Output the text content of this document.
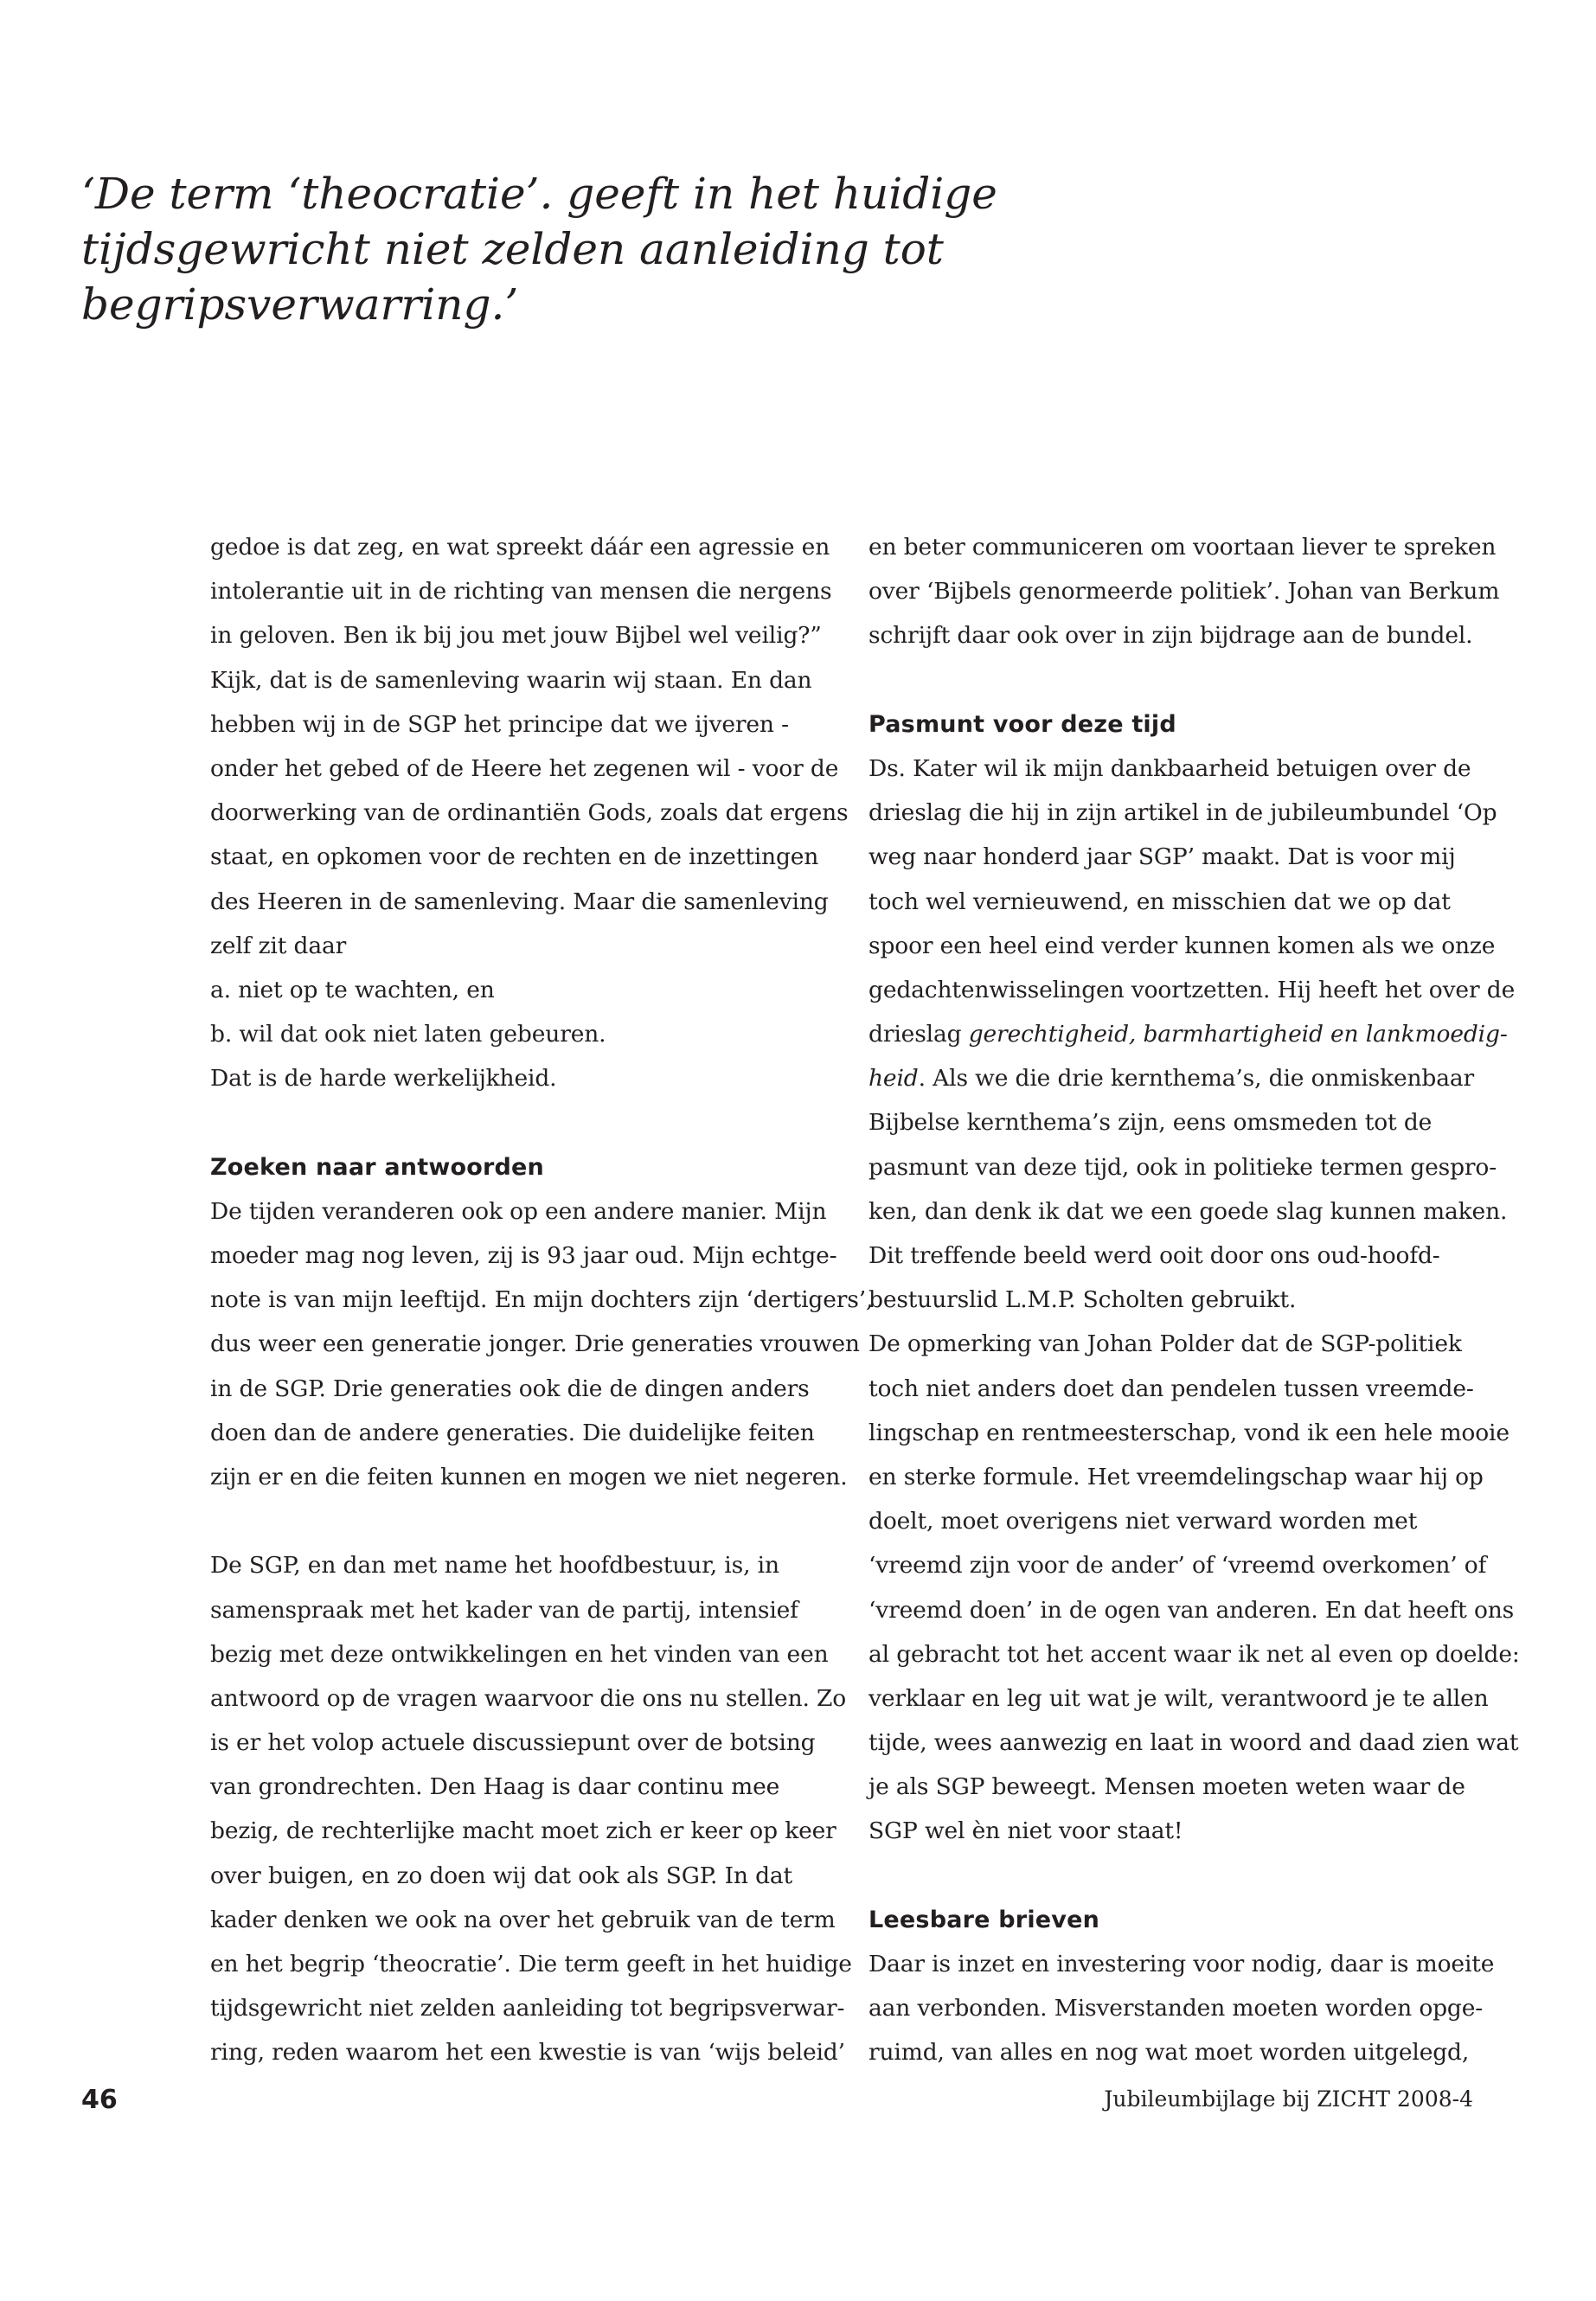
‘De term ‘theocratie’. geeft in het huidige
tijdsgewricht niet zelden aanleiding tot
begripsverwarring.’
gedoe is dat zeg, en wat spreekt dáár een agressie en
intolerantie uit in de richting van mensen die nergens
in geloven. Ben ik bij jou met jouw Bijbel wel veilig?”
Kijk, dat is de samenleving waarin wij staan. En dan
hebben wij in de SGP het principe dat we ijveren -
onder het gebed of de Heere het zegenen wil - voor de
doorwerking van de ordinantiën Gods, zoals dat ergens
staat, en opkomen voor de rechten en de inzettingen
des Heeren in de samenleving. Maar die samenleving
zelf zit daar
a. niet op te wachten, en
b. wil dat ook niet laten gebeuren.
Dat is de harde werkelijkheid.
Zoeken naar antwoorden
De tijden veranderen ook op een andere manier. Mijn
moeder mag nog leven, zij is 93 jaar oud. Mijn echtge-
note is van mijn leeftijd. En mijn dochters zijn ‘dertigers’,
dus weer een generatie jonger. Drie generaties vrouwen
in de SGP. Drie generaties ook die de dingen anders
doen dan de andere generaties. Die duidelijke feiten
zijn er en die feiten kunnen en mogen we niet negeren.
De SGP, en dan met name het hoofdbestuur, is, in
samenspraak met het kader van de partij, intensief
bezig met deze ontwikkelingen en het vinden van een
antwoord op de vragen waarvoor die ons nu stellen. Zo
is er het volop actuele discussiepunt over de botsing
van grondrechten. Den Haag is daar continu mee
bezig, de rechterlijke macht moet zich er keer op keer
over buigen, en zo doen wij dat ook als SGP. In dat
kader denken we ook na over het gebruik van de term
en het begrip ‘theocratie’. Die term geeft in het huidige
tijdsgewricht niet zelden aanleiding tot begripsverwar-
ring, reden waarom het een kwestie is van ‘wijs beleid’
en beter communiceren om voortaan liever te spreken
over ‘Bijbels genormeerde politiek’. Johan van Berkum
schrijft daar ook over in zijn bijdrage aan de bundel.
Pasmunt voor deze tijd
Ds. Kater wil ik mijn dankbaarheid betuigen over de
drieslag die hij in zijn artikel in de jubileumbundel ‘Op
weg naar honderd jaar SGP’ maakt. Dat is voor mij
toch wel vernieuwend, en misschien dat we op dat
spoor een heel eind verder kunnen komen als we onze
gedachtenwisselingen voortzetten. Hij heeft het over de
drieslag gerechtigheid, barmhartigheid en lankmoedig-
heid. Als we die drie kernthema’s, die onmiskenbaar
Bijbelse kernthema’s zijn, eens omsmeden tot de
pasmunt van deze tijd, ook in politieke termen gespro-
ken, dan denk ik dat we een goede slag kunnen maken.
Dit treffende beeld werd ooit door ons oud-hoofd-
bestuurslid L.M.P. Scholten gebruikt.
De opmerking van Johan Polder dat de SGP-politiek
toch niet anders doet dan pendelen tussen vreemde-
lingschap en rentmeesterschap, vond ik een hele mooie
en sterke formule. Het vreemdelingschap waar hij op
doelt, moet overigens niet verward worden met
‘vreemd zijn voor de ander’ of ‘vreemd overkomen’ of
‘vreemd doen’ in de ogen van anderen. En dat heeft ons
al gebracht tot het accent waar ik net al even op doelde:
verklaar en leg uit wat je wilt, verantwoord je te allen
tijde, wees aanwezig en laat in woord and daad zien wat
je als SGP beweegt. Mensen moeten weten waar de
SGP wel èn niet voor staat!
Leesbare brieven
Daar is inzet en investering voor nodig, daar is moeite
aan verbonden. Misverstanden moeten worden opge-
ruimd, van alles en nog wat moet worden uitgelegd,
46	Jubileumbijlage bij ZICHT 2008-4
